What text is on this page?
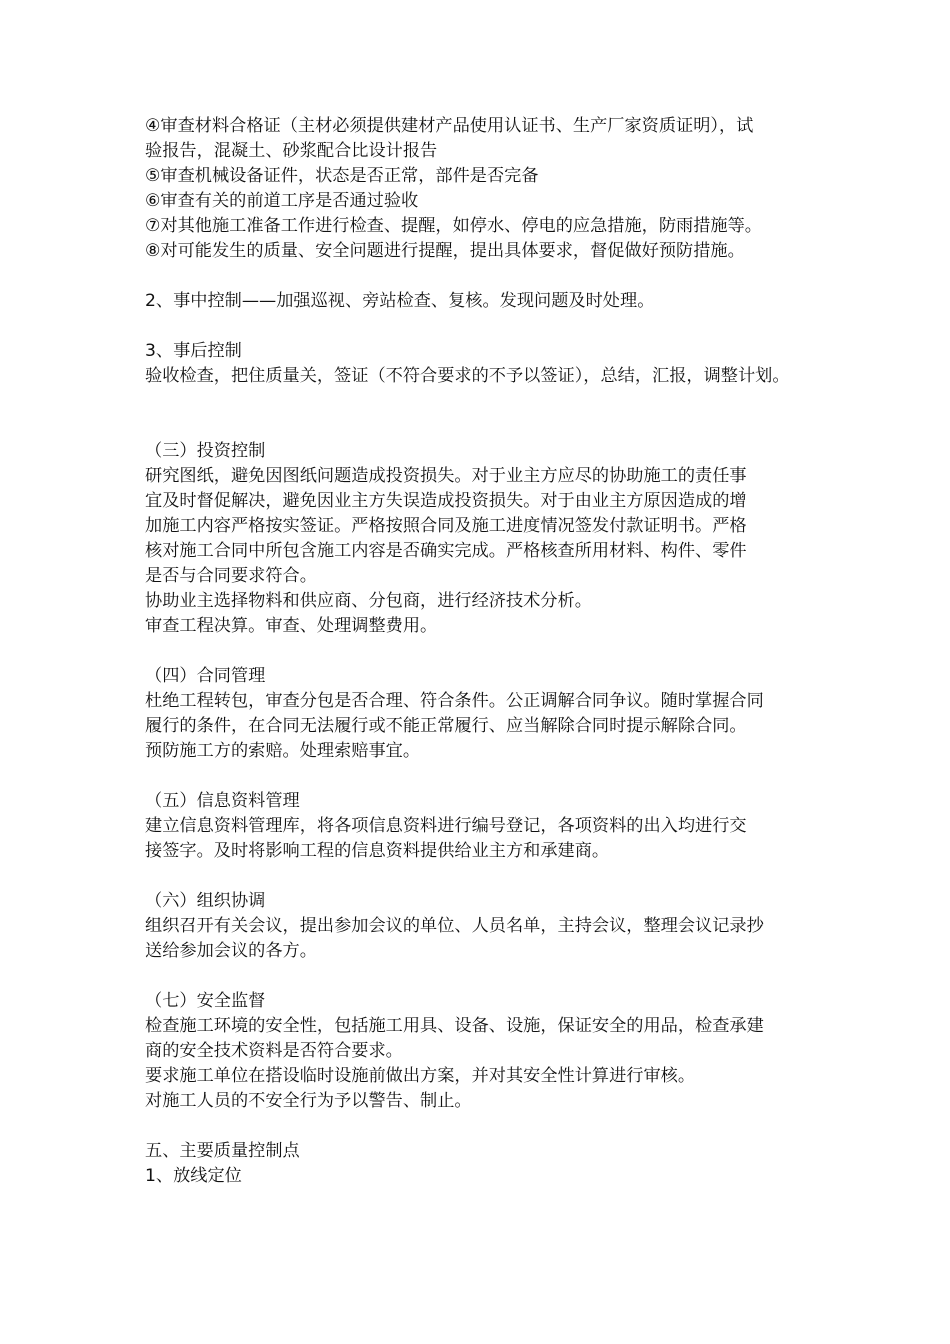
④审查材料合格证（主材必须提供建材产品使用认证书、生产厂家资质证明），试
验报告，混凝土、砂浆配合比设计报告
⑤审查机械设备证件，状态是否正常，部件是否完备
⑥审查有关的前道工序是否通过验收
⑦对其他施工准备工作进行检查、提醒，如停水、停电的应急措施，防雨措施等。
⑧对可能发生的质量、安全问题进行提醒，提出具体要求，督促做好预防措施。
2、事中控制——加强巡视、旁站检查、复核。发现问题及时处理。
3、事后控制
验收检查，把住质量关，签证（不符合要求的不予以签证），总结，汇报，调整计划。
（三）投资控制
研究图纸，避免因图纸问题造成投资损失。对于业主方应尽的协助施工的责任事
宜及时督促解决，避免因业主方失误造成投资损失。对于由业主方原因造成的增
加施工内容严格按实签证。严格按照合同及施工进度情况签发付款证明书。严格
核对施工合同中所包含施工内容是否确实完成。严格核查所用材料、构件、零件
是否与合同要求符合。
协助业主选择物料和供应商、分包商，进行经济技术分析。
审查工程决算。审查、处理调整费用。
（四）合同管理
杜绝工程转包，审查分包是否合理、符合条件。公正调解合同争议。随时掌握合同
履行的条件，在合同无法履行或不能正常履行、应当解除合同时提示解除合同。
预防施工方的索赔。处理索赔事宜。
（五）信息资料管理
建立信息资料管理库，将各项信息资料进行编号登记，各项资料的出入均进行交
接签字。及时将影响工程的信息资料提供给业主方和承建商。
（六）组织协调
组织召开有关会议，提出参加会议的单位、人员名单，主持会议，整理会议记录抄
送给参加会议的各方。
（七）安全监督
检查施工环境的安全性，包括施工用具、设备、设施，保证安全的用品，检查承建
商的安全技术资料是否符合要求。
要求施工单位在搭设临时设施前做出方案，并对其安全性计算进行审核。
对施工人员的不安全行为予以警告、制止。
五、主要质量控制点
1、放线定位
